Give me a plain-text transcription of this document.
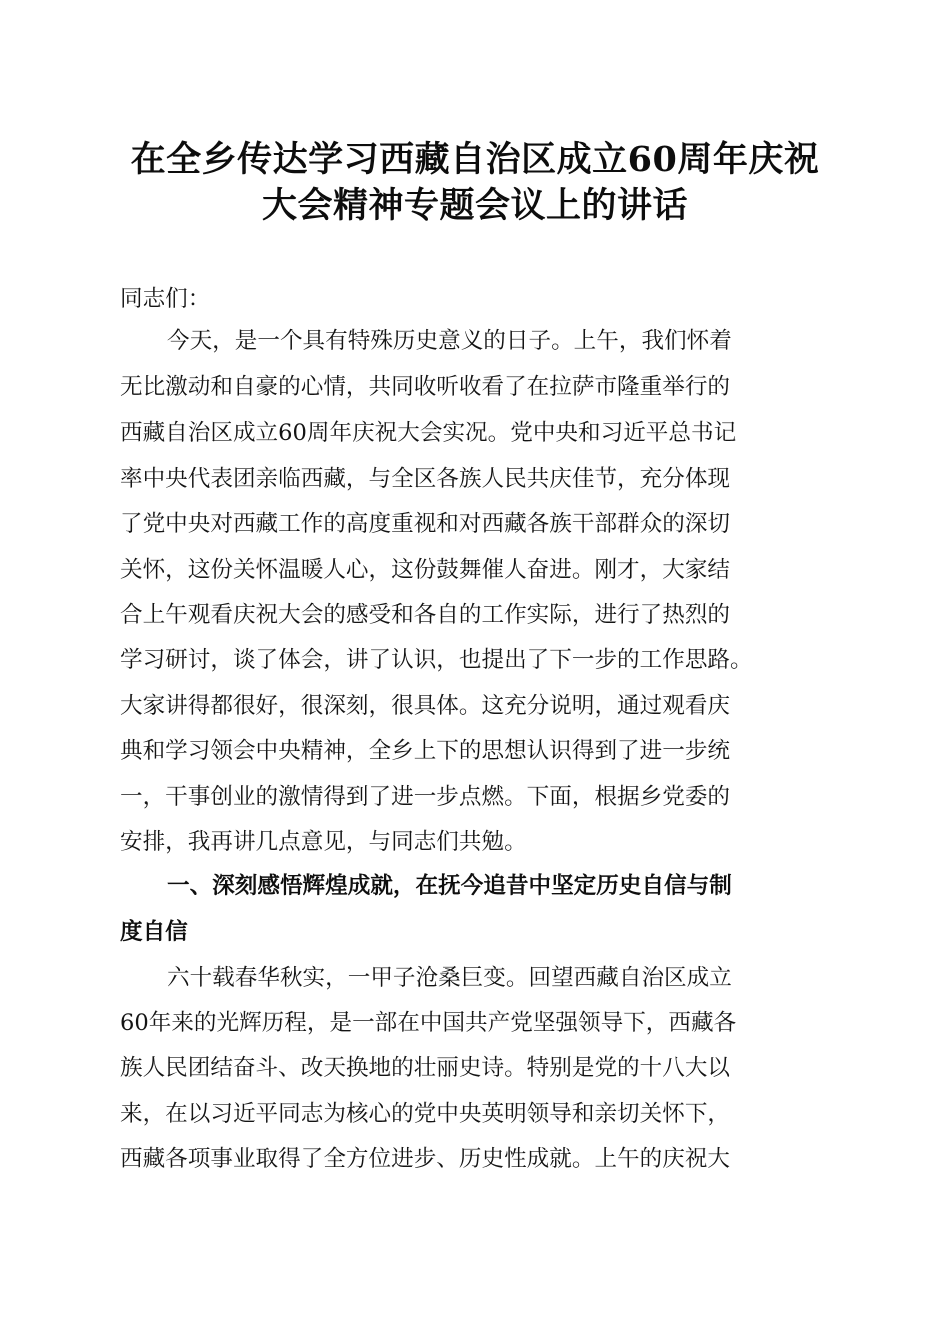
在全乡传达学习西藏自治区成立60周年庆祝
大会精神专题会议上的讲话
同志们：
今天，是一个具有特殊历史意义的日子。上午，我们怀着
无比激动和自豪的心情，共同收听收看了在拉萨市隆重举行的
西藏自治区成立60周年庆祝大会实况。党中央和习近平总书记
率中央代表团亲临西藏，与全区各族人民共庆佳节，充分体现
了党中央对西藏工作的高度重视和对西藏各族干部群众的深切
关怀，这份关怀温暖人心，这份鼓舞催人奋进。刚才，大家结
合上午观看庆祝大会的感受和各自的工作实际，进行了热烈的
学习研讨，谈了体会，讲了认识，也提出了下一步的工作思路。
大家讲得都很好，很深刻，很具体。这充分说明，通过观看庆
典和学习领会中央精神，全乡上下的思想认识得到了进一步统
一，干事创业的激情得到了进一步点燃。下面，根据乡党委的
安排，我再讲几点意见，与同志们共勉。
一、深刻感悟辉煌成就，在抚今追昔中坚定历史自信与制
度自信
六十载春华秋实，一甲子沧桑巨变。回望西藏自治区成立
60年来的光辉历程，是一部在中国共产党坚强领导下，西藏各
族人民团结奋斗、改天换地的壮丽史诗。特别是党的十八大以
来，在以习近平同志为核心的党中央英明领导和亲切关怀下，
西藏各项事业取得了全方位进步、历史性成就。上午的庆祝大
